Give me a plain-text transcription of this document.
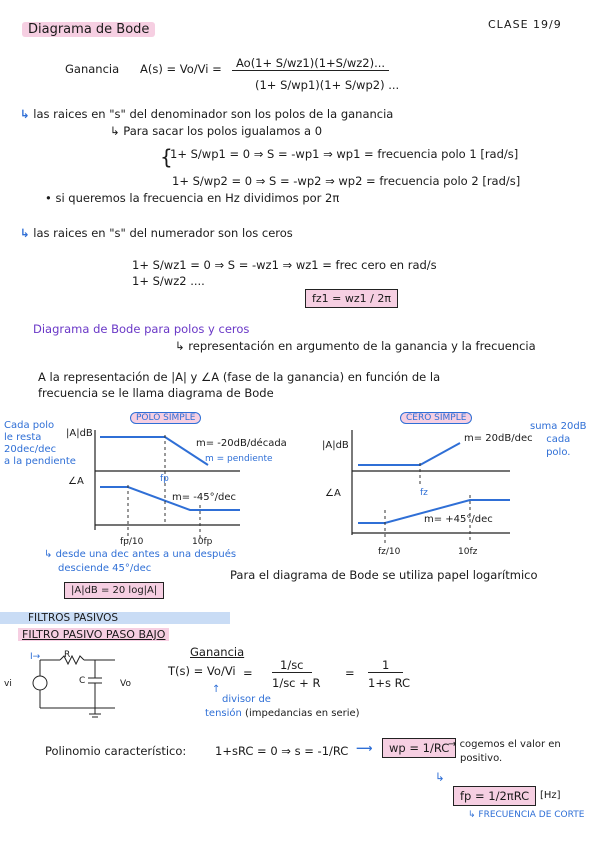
Diagrama de Bode	CLASE 19/9
Ganancia A(s) = Vo/Vi =	Ao(1+ S/wz1)(1+S/wz2)...
(1+ S/wp1)(1+ S/wp2) ...
↳ las raices en "s" del denominador son los polos de la ganancia
↳ Para sacar los polos igualamos a 0
{
1+ S/wp1 = 0 ⇒ S = -wp1 ⇒ wp1 = frecuencia polo 1 [rad/s]
1+ S/wp2 = 0 ⇒ S = -wp2 ⇒ wp2 = frecuencia polo 2 [rad/s]
• si queremos la frecuencia en Hz dividimos por 2π
↳ las raices en "s" del numerador son los ceros
1+ S/wz1 = 0 ⇒ S = -wz1 ⇒ wz1 = frec cero en rad/s
1+ S/wz2 ....
fz1 = wz1 / 2π
Diagrama de Bode para polos y ceros
↳ representación en argumento de la ganancia y la frecuencia
A la representación de |A| y ∠A (fase de la ganancia) en función de la
frecuencia se le llama diagrama de Bode
Cada polo
le resta
20dec/dec
a la pendiente
POLO SIMPLE
|A|dB
∠A
m= -20dB/década
m = pendiente
fp
m= -45°/dec
fp/10	10fp
CERO SIMPLE
|A|dB
∠A
m= 20dB/dec
fz
m= +45°/dec
fz/10	10fz
suma 20dB
cada
polo.
↳ desde una dec antes a una después
desciende 45°/dec
|A|dB = 20 log|A|
Para el diagrama de Bode se utiliza papel logarítmico
FILTROS PASIVOS
FILTRO PASIVO PASO BAJO
I→	R
C
vi	Vo
Ganancia
T(s) = Vo/Vi =
1/sc
1/sc + R
=
1
1+s RC
↑
divisor de
tensión (impedancias en serie)
Polinomio característico: 1+sRC = 0 ⇒ s = -1/RC ⟶	wp = 1/RC
→ cogemos el valor en
positivo.
↳
fp = 1/2πRC	[Hz]
↳ FRECUENCIA DE CORTE
